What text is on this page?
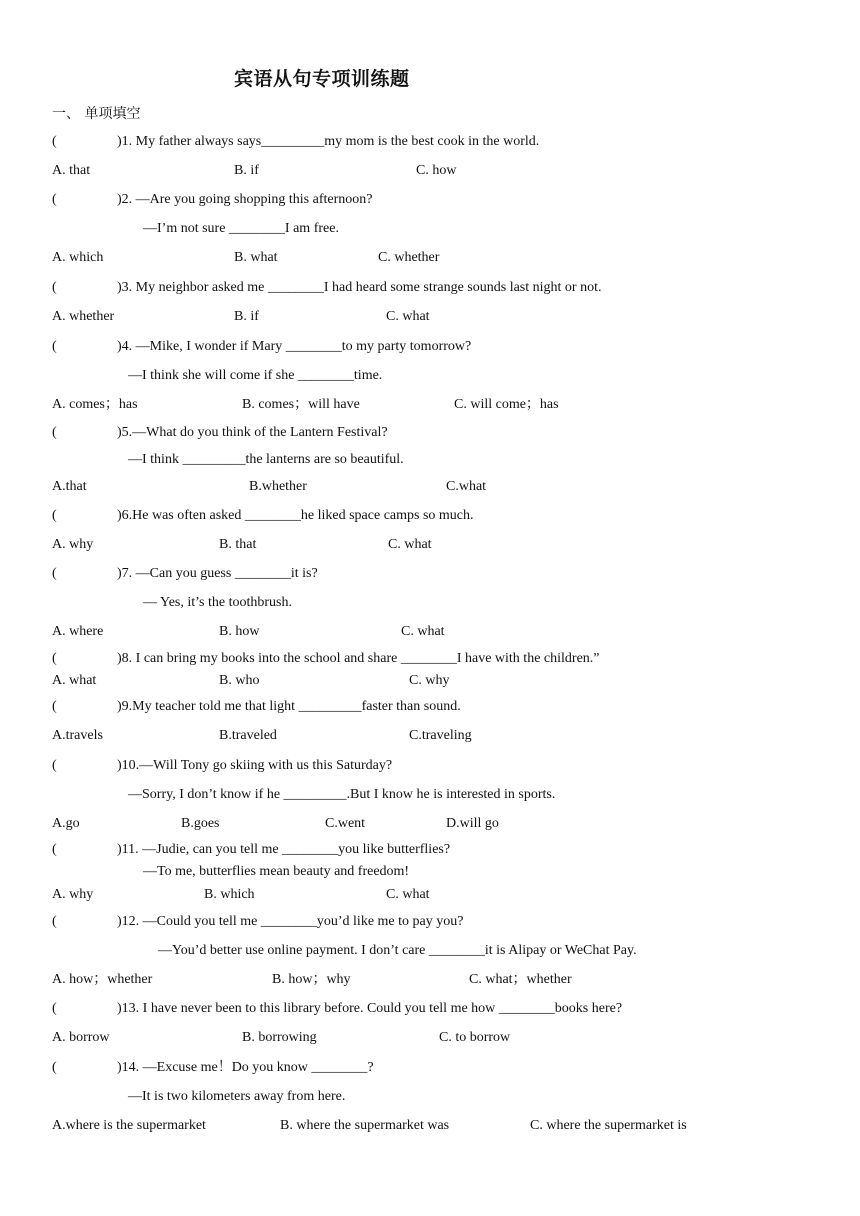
宾语从句专项训练题
一、 单项填空
(	)1. My father always says_________my mom is the best cook in the world.
A. that	B. if	C. how
(	)2. —Are you going shopping this afternoon?
—I’m not sure ________I am free.
A. which	B. what	C. whether
(	)3. My neighbor asked me ________I had heard some strange sounds last night or not.
A. whether	B. if	C. what
(	)4. —Mike, I wonder if Mary ________to my party tomorrow?
—I think she will come if she ________time.
A. comes；has	B. comes；will have	C. will come；has
(	)5.—What do you think of the Lantern Festival?
—I think _________the lanterns are so beautiful.
A.that	B.whether	C.what
(	)6.He was often asked ________he liked space camps so much.
A. why	B. that	C. what
(	)7. —Can you guess ________it is?
— Yes, it’s the toothbrush.
A. where	B. how	C. what
(	)8. I can bring my books into the school and share ________I have with the children.”
A. what	B. who	C. why
(	)9.My teacher told me that light _________faster than sound.
A.travels	B.traveled	C.traveling
(	)10.—Will Tony go skiing with us this Saturday?
—Sorry, I don’t know if he _________.But I know he is interested in sports.
A.go	B.goes	C.went	D.will go
(	)11. —Judie, can you tell me ________you like butterflies?
—To me, butterflies mean beauty and freedom!
A. why	B. which	C. what
(	)12. —Could you tell me ________you’d like me to pay you?
—You’d better use online payment. I don’t care ________it is Alipay or WeChat Pay.
A. how；whether	B. how；why	C. what；whether
(	)13. I have never been to this library before. Could you tell me how ________books here?
A. borrow	B. borrowing	C. to borrow
(	)14. —Excuse me！Do you know ________?
—It is two kilometers away from here.
A.where is the supermarket	B. where the supermarket was	C. where the supermarket is
